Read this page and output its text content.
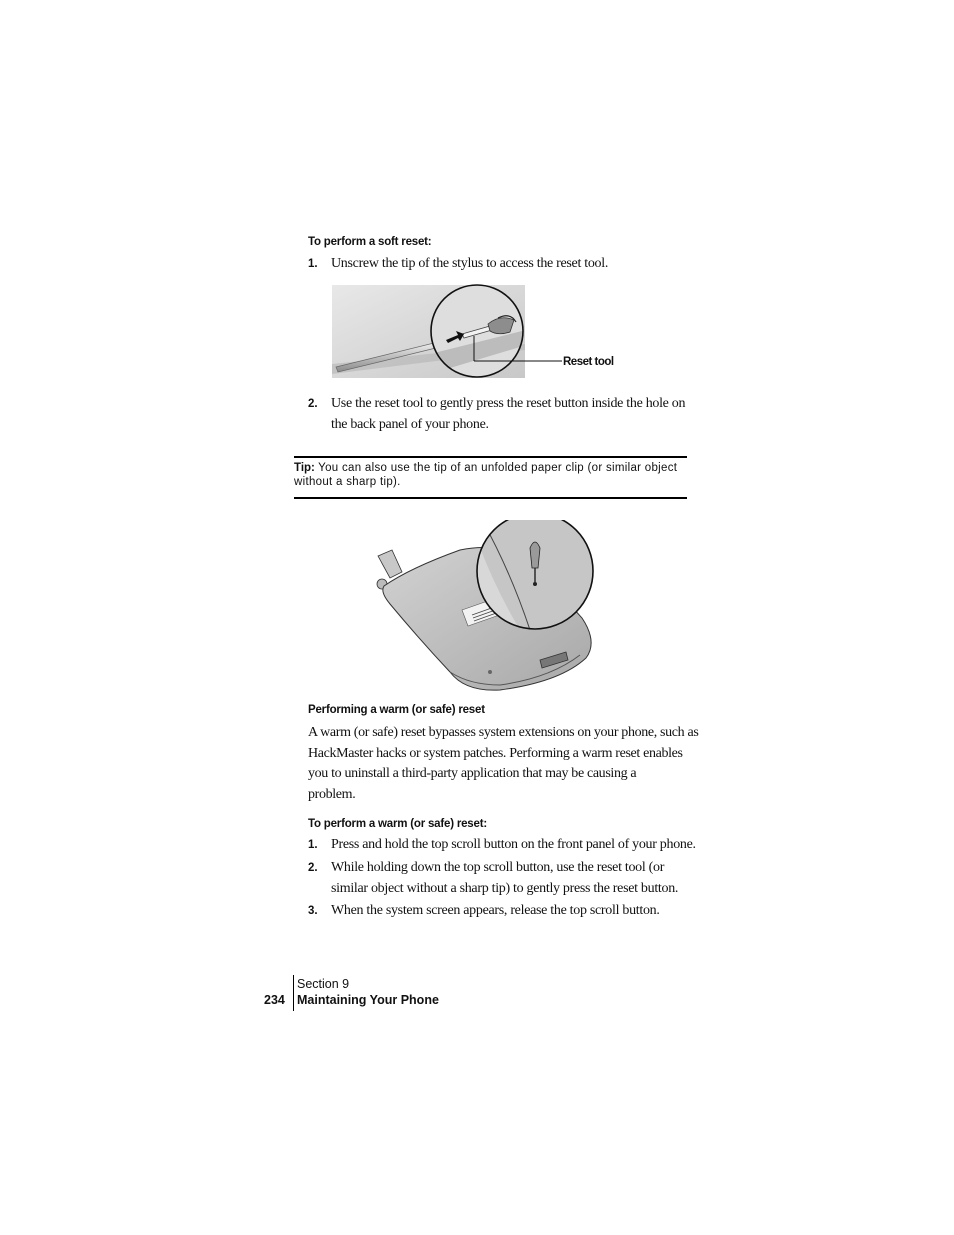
To perform a soft reset:
1. Unscrew the tip of the stylus to access the reset tool.
Reset tool
2. Use the reset tool to gently press the reset button inside the hole on
the back panel of your phone.
Tip: You can also use the tip of an unfolded paper clip (or similar object
without a sharp tip).
Performing a warm (or safe) reset
A warm (or safe) reset bypasses system extensions on your phone, such as
HackMaster hacks or system patches. Performing a warm reset enables
you to uninstall a third-party application that may be causing a
problem.
To perform a warm (or safe) reset:
1. Press and hold the top scroll button on the front panel of your phone.
2. While holding down the top scroll button, use the reset tool (or
similar object without a sharp tip) to gently press the reset button.
3. When the system screen appears, release the top scroll button.
234
Section 9
Maintaining Your Phone
